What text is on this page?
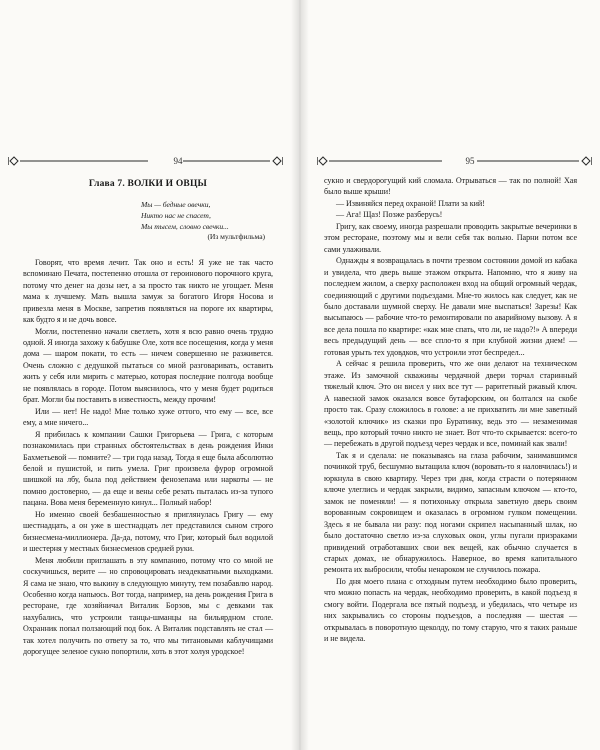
94
Глава 7. ВОЛКИ И ОВЦЫ
Мы — бедные овечки,
Никто нас не спасет,
Мы тысем, словно свечки...
(Из мультфильма)

Говорят, что время лечит. Так оно и есть! Я уже не так часто вспоминаю Печата, постепенно отошла от героинового порочного круга, потому что денег на дозы нет, а за просто так никто не угощает. Меня мама к лучшему. Мать вышла замуж за богатого Игоря Носова и привезла меня в Москве, запретив появляться на пороге их квартиры, как будто я и не дочь вовсе.

Могли, постепенно начали светлеть, хотя я всю равно очень трудно одной. Я иногда захожу к бабушке Оле, хотя все посещения, когда у меня дома — шаром покати, то есть — ничем совершенно не разживется. Очень сложно с дедушкой пытаться со мной разговаривать, оставить жить у себя или мирить с матерью, которая последние полгода вообще не появлялась в городе. Потом выяснилось, что у меня будет родиться брат. Могли бы поставить в известность, между прочим!

Или — нет! Не надо! Мне только хуже оттого, что ему — все, все ему, а мне ничего...

Я прибилась к компании Сашки Григорьева — Грига, с которым познакомилась при странных обстоятельствах в день рождения Инки Бахметьевой — помните? — три года назад. Тогда я еще была абсолютно белой и пушистой, и пить умела. Григ произвела фурор огромной шишкой на лбу, была под действием фенозепама или наркоты — не помню достоверно, — да еще и вены себе резать пыталась из-за тупого пацана. Вова меня беременную кинул... Полный набор!

Но именно своей безбашенностью я приглянулась Григу — ему шестнадцать, а он уже в шестнадцать лет представился сыном строго бизнесмена-миллионера. Да-да, потому, что Григ, который был водилой и шестерня у местных бизнесменов средней руки.

Меня любили приглашать в эту компанию, потому что со мной не соскучишься, верите — но спровоцировать неадекватными выходками. Я сама не знаю, что выкину в следующую минуту, тем позабавлю народ. Особенно когда напьюсь. Вот тогда, например, на день рождения Грига в ресторане, где хозяйничал Виталик Борзов, мы с девками так нахубались, что устроили танцы-шманцы на бильярдном столе. Охранник попал ползающий под бок. А Виталик подставлять не стал — так хотел получить по ответу за то, что мы титановыми каблучищами дорогущее зеленое сукно попортили, хоть в этот холуя уродское!

95

сукно и свердорогущий кий сломала. Отрываться — так по полной! Хая было выше крыши!

— Извиняйся перед охраной! Плати за кий!

— Ага! Щаз! Позже разберусь!

Григу, как своему, иногда разрешали проводить закрытые вечеринки в этом ресторане, поэтому мы и вели себя так вольно. Парни потом все сами улаживали.

Однажды я возвращалась в почти трезвом состоянии домой из кабака и увидела, что дверь выше этажом открыта. Напомню, что я живу на последнем жилом, а сверху расположен вход на общий огромный чердак, соединяющий с другими подъездами. Мне-то жилось как следует, как не было доставали шумной сверху. Не давали мне выспаться! Зарезы! Как высыпаюсь — рабочие что-то ремонтировали по аварийному вызову. А я все дела пошла по квартире: «как мне спать, что ли, не надо?!» А впереди весь предыдущий день — все спло-то я при клубной жизни днем! — готовая урыть тех удовдков, что устроили этот беспредел...

А сейчас я решила проверить, что же они делают на техническом этаже. Из замочной скважины чердачной двери торчал старинный тяжелый ключ. Это он висел у них все тут — раритетный ржавый ключ. А навесной замок оказался вовсе бутафорским, он болтался на скобе просто так. Сразу сложилось в голове: а не прихватить ли мне заветный «золотой ключик» из сказки про Буратинку, ведь это — незаменимая вещь, про который точно никто не знает. Вот что-то скрывается: всего-то — перебежать в другой подъезд через чердак и все, поминай как звали!

Так я и сделала: не показываясь на глаза рабочим, занимавшимся починкой труб, бесшумно вытащила ключ (воровать-то я наловчилась!) и юркнула в свою квартиру. Через три дня, когда страсти о потерянном ключе улеглись и чердак закрыли, видимо, запасным ключом — кто-то, замок не поменяли! — я потихоньку открыла заветную дверь своим ворованным сокровищем и оказалась в огромном гулком помещении. Здесь я не бывала ни разу: под ногами скрипел насыпанный шлак, но было достаточно светло из-за слуховых окон, углы пугали призраками привидений отработавших свои век вещей, как обычно случается в старых домах, не обнаружилось. Наверное, во время капитального ремонта их выбросили, чтобы ненароком не случилось пожара.

По дня моего плана с отходным путем необходимо было проверить, что можно попасть на чердак, необходимо проверить, в какой подъезд я смогу войти. Подергала все пятый подъезд, и убедилась, что четыре из них закрывались со стороны подъездов, а последняя — шестая — открывалась в поворотную щеколду, по тому старую, что я таких раньше и не видела.
